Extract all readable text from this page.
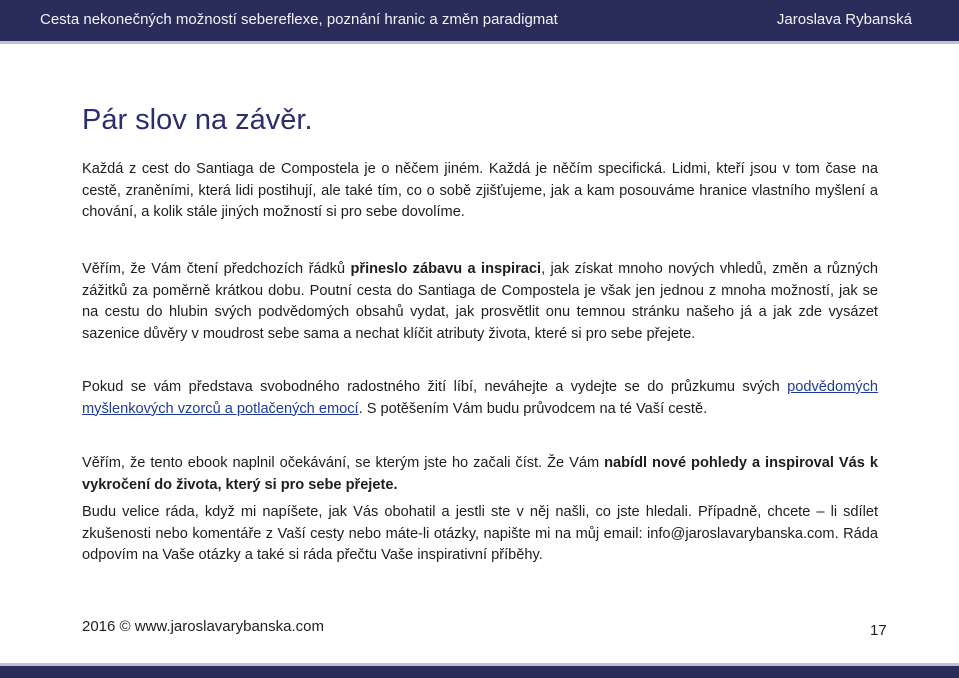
Cesta nekonečných možností sebereflexe, poznání hranic a změn paradigmat	Jaroslava Rybanská
Pár slov na závěr.

Každá z cest do Santiaga de Compostela je o něčem jiném. Každá je něčím specifická. Lidmi, kteří jsou v tom čase na cestě, zraněními, která lidi postihují, ale také tím, co o sobě zjišťujeme, jak a kam posouváme hranice vlastního myšlení a chování, a kolik stále jiných možností si pro sebe dovolíme.

Věřím, že Vám čtení předchozích řádků přineslo zábavu a inspiraci, jak získat mnoho nových vhledů, změn a různých zážitků za poměrně krátkou dobu. Poutní cesta do Santiaga de Compostela je však jen jednou z mnoha možností, jak se na cestu do hlubin svých podvědomých obsahů vydat, jak prosvětlit onu temnou stránku našeho já a jak zde vysázet sazenice důvěry v moudrost sebe sama a nechat klíčit atributy života, které si pro sebe přejete.

Pokud se vám představa svobodného radostného žití líbí, neváhejte a vydejte se do průzkumu svých podvědomých myšlenkových vzorců a potlačených emocí. S potěšením Vám budu průvodcem na té Vaší cestě.

Věřím, že tento ebook naplnil očekávání, se kterým jste ho začali číst. Že Vám nabídl nové pohledy a inspiroval Vás k vykročení do života, který si pro sebe přejete.

Budu velice ráda, když mi napíšete, jak Vás obohatil a jestli ste v něj našli, co jste hledali. Případně, chcete – li sdílet zkušenosti nebo komentáře z Vaší cesty nebo máte-li otázky, napište mi na můj email: info@jaroslavarybanska.com. Ráda odpovím na Vaše otázky a také si ráda přečtu Vaše inspirativní příběhy.

2016 © www.jaroslavarybanska.com	17
